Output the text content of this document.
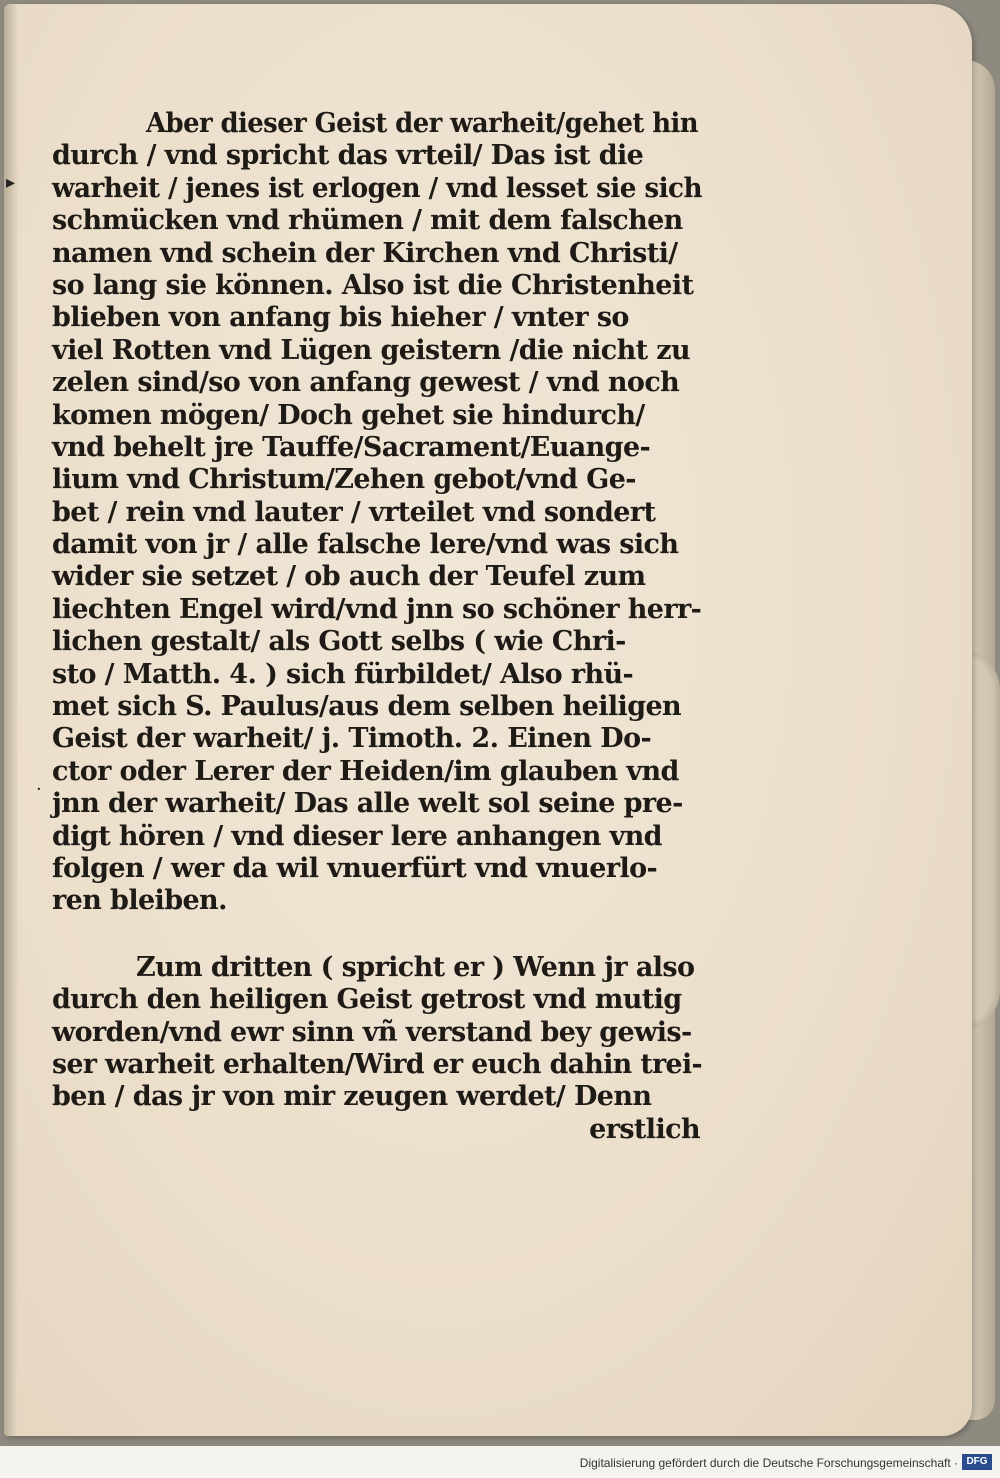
Aber dieser Geist der warheit/gehet hin
durch / vnd spricht das vrteil/ Das ist die
warheit / jenes ist erlogen / vnd lesset sie sich
schmücken vnd rhümen / mit dem falschen
namen vnd schein der Kirchen vnd Christi/
so lang sie können. Also ist die Christenheit
blieben von anfang bis hieher / vnter so
viel Rotten vnd Lügen geistern /die nicht zu
zelen sind/so von anfang gewest / vnd noch
komen mögen/ Doch gehet sie hindurch/
vnd behelt jre Tauffe/Sacrament/Euange-
lium vnd Christum/Zehen gebot/vnd Ge-
bet / rein vnd lauter / vrteilet vnd sondert
damit von jr / alle falsche lere/vnd was sich
wider sie setzet / ob auch der Teufel zum
liechten Engel wird/vnd jnn so schöner herr-
lichen gestalt/ als Gott selbs ( wie Chri-
sto / Matth. 4. ) sich fürbildet/ Also rhü-
met sich S. Paulus/aus dem selben heiligen
Geist der warheit/ j. Timoth. 2. Einen Do-
ctor oder Lerer der Heiden/im glauben vnd
jnn der warheit/ Das alle welt sol seine pre-
digt hören / vnd dieser lere anhangen vnd
folgen / wer da wil vnuerfürt vnd vnuerlo-
ren bleiben.
Zum dritten ( spricht er ) Wenn jr also
durch den heiligen Geist getrost vnd mutig
worden/vnd ewr sinn vñ verstand bey gewis-
ser warheit erhalten/Wird er euch dahin trei-
ben / das jr von mir zeugen werdet/ Denn
erstlich
▸
·
Digitalisierung gefördert durch die Deutsche Forschungsgemeinschaft · DFG
